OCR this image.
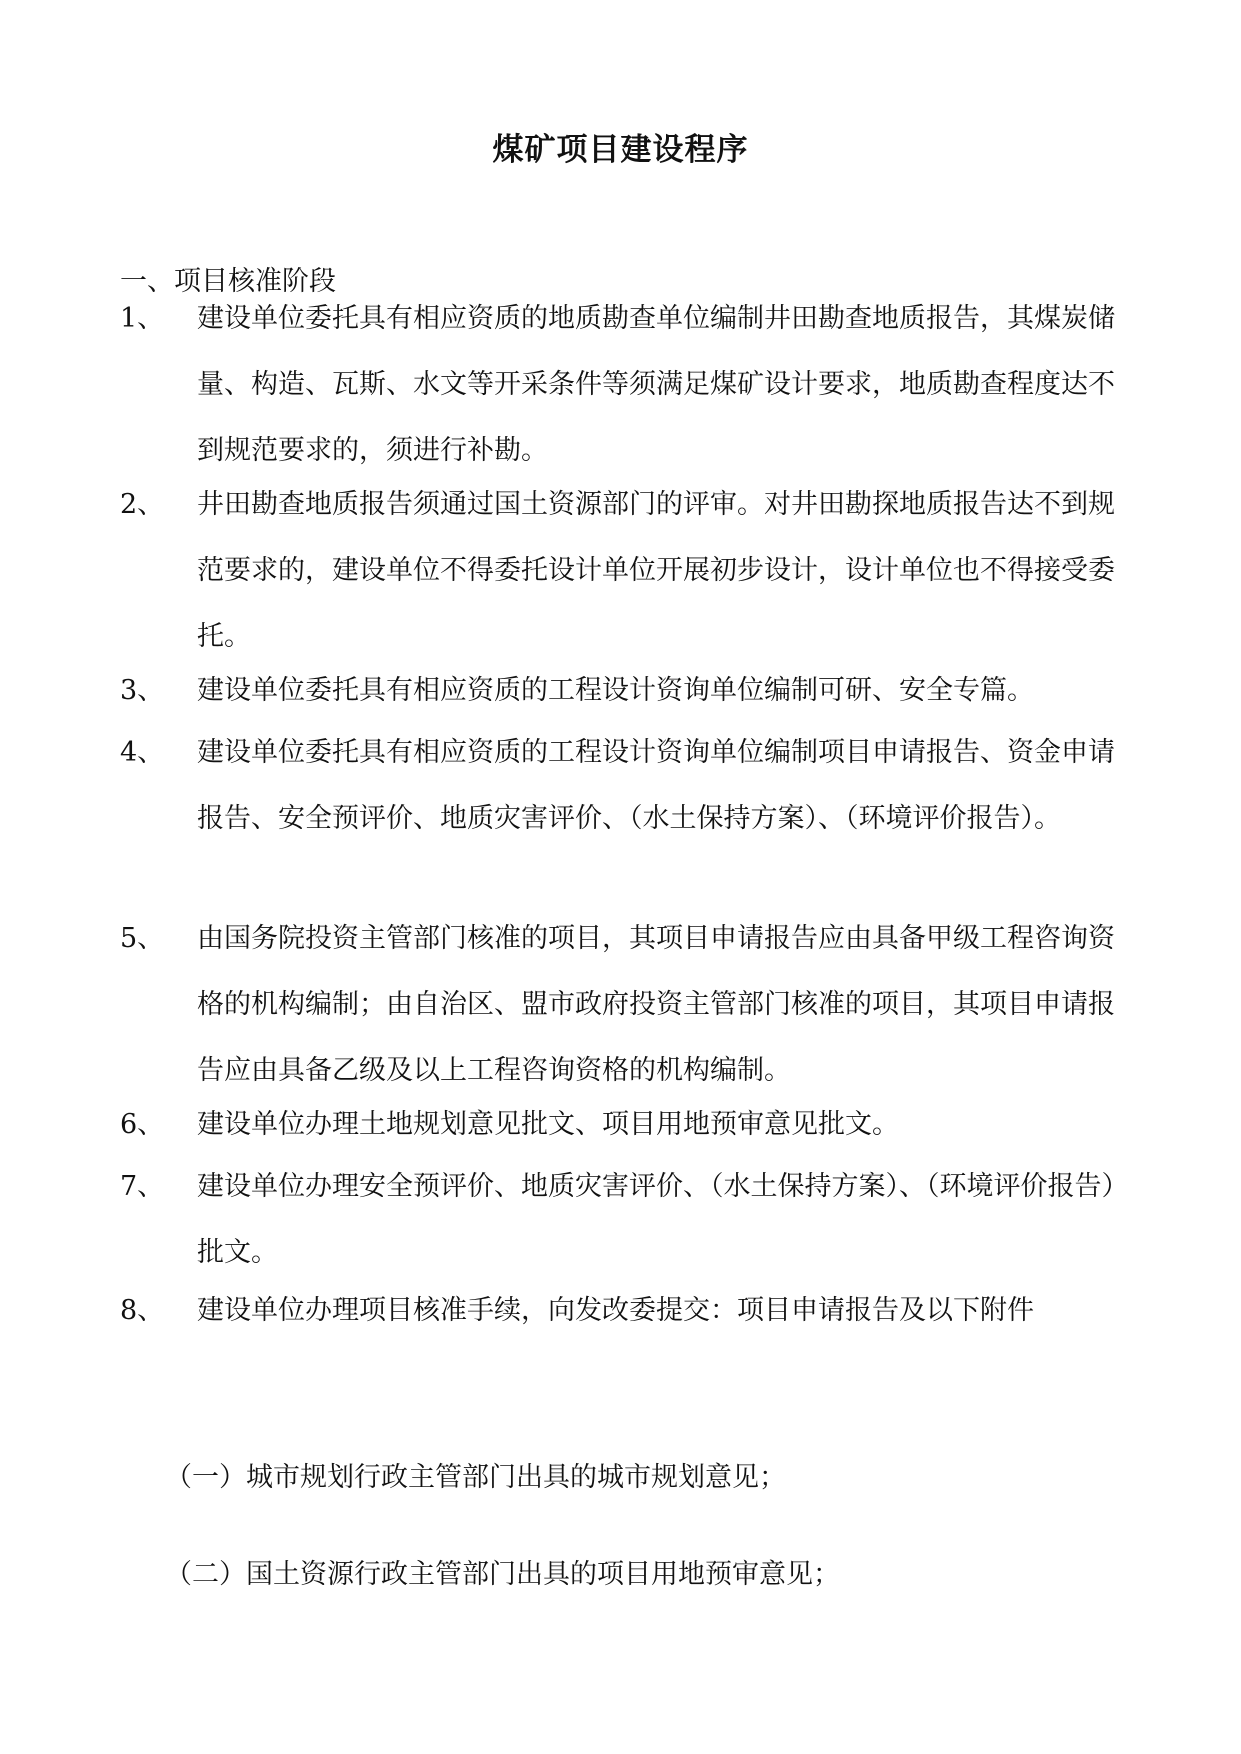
煤矿项目建设程序
一、项目核准阶段
1、	建设单位委托具有相应资质的地质勘查单位编制井田勘查地质报告，其煤炭储量、构造、瓦斯、水文等开采条件等须满足煤矿设计要求，地质勘查程度达不到规范要求的，须进行补勘。
2、	井田勘查地质报告须通过国土资源部门的评审。对井田勘探地质报告达不到规范要求的，建设单位不得委托设计单位开展初步设计，设计单位也不得接受委托。
3、	建设单位委托具有相应资质的工程设计资询单位编制可研、安全专篇。
4、	建设单位委托具有相应资质的工程设计资询单位编制项目申请报告、资金申请报告、安全预评价、地质灾害评价、（水土保持方案）、（环境评价报告）。
5、	由国务院投资主管部门核准的项目，其项目申请报告应由具备甲级工程咨询资格的机构编制；由自治区、盟市政府投资主管部门核准的项目，其项目申请报告应由具备乙级及以上工程咨询资格的机构编制。
6、	建设单位办理土地规划意见批文、项目用地预审意见批文。
7、	建设单位办理安全预评价、地质灾害评价、（水土保持方案）、（环境评价报告）批文。
8、	建设单位办理项目核准手续，向发改委提交：项目申请报告及以下附件
（一）城市规划行政主管部门出具的城市规划意见；
（二）国土资源行政主管部门出具的项目用地预审意见；
